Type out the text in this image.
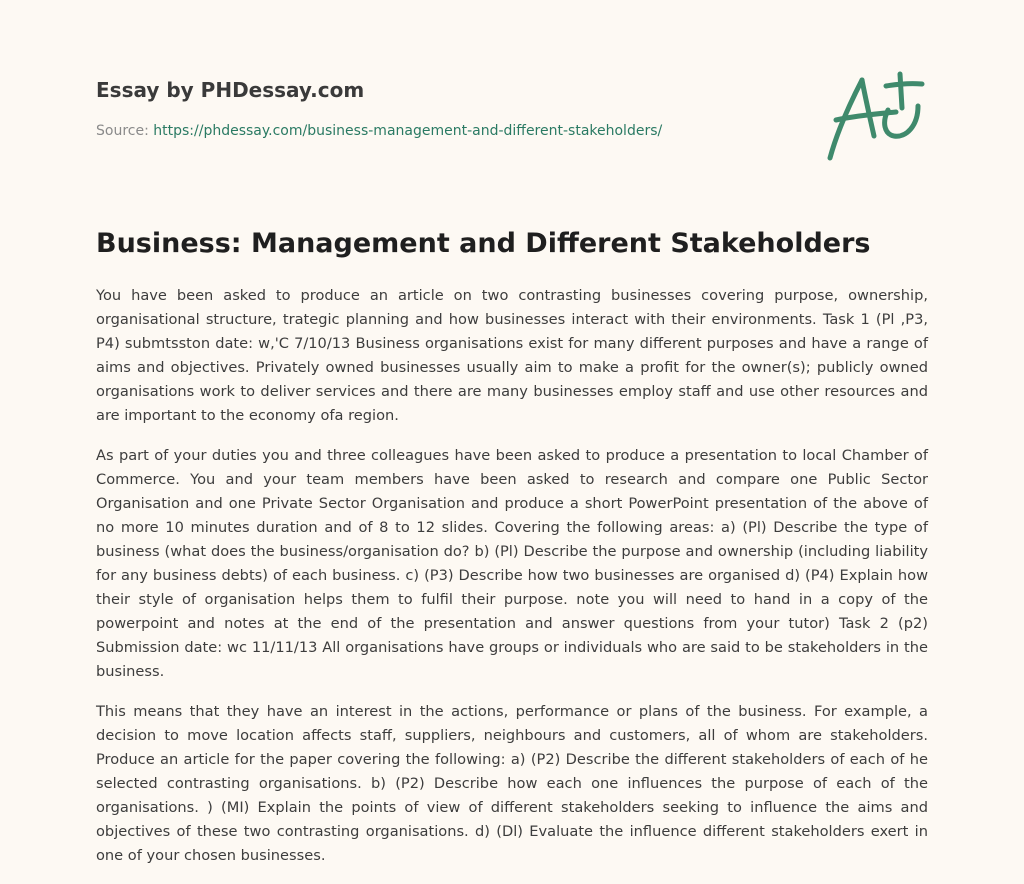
Essay by PHDessay.com
Source: https://phdessay.com/business-management-and-different-stakeholders/
Business: Management and Different Stakeholders

You have been asked to produce an article on two contrasting businesses covering purpose, ownership, organisational structure, trategic planning and how businesses interact with their environments. Task 1 (Pl ,P3, P4) submtsston date: w,'C 7/10/13 Business organisations exist for many different purposes and have a range of aims and objectives. Privately owned businesses usually aim to make a profit for the owner(s); publicly owned organisations work to deliver services and there are many businesses employ staff and use other resources and are important to the economy ofa region.

As part of your duties you and three colleagues have been asked to produce a presentation to local Chamber of Commerce. You and your team members have been asked to research and compare one Public Sector Organisation and one Private Sector Organisation and produce a short PowerPoint presentation of the above of no more 10 minutes duration and of 8 to 12 slides. Covering the following areas: a) (Pl) Describe the type of business (what does the business/organisation do? b) (Pl) Describe the purpose and ownership (including liability for any business debts) of each business. c) (P3) Describe how two businesses are organised d) (P4) Explain how their style of organisation helps them to fulfil their purpose. note you will need to hand in a copy of the powerpoint and notes at the end of the presentation and answer questions from your tutor) Task 2 (p2) Submission date: wc 11/11/13 All organisations have groups or individuals who are said to be stakeholders in the business.

This means that they have an interest in the actions, performance or plans of the business. For example, a decision to move location affects staff, suppliers, neighbours and customers, all of whom are stakeholders. Produce an article for the paper covering the following: a) (P2) Describe the different stakeholders of each of he selected contrasting organisations. b) (P2) Describe how each one influences the purpose of each of the organisations. ) (MI) Explain the points of view of different stakeholders seeking to influence the aims and objectives of these two contrasting organisations. d) (Dl) Evaluate the influence different stakeholders exert in one of your chosen businesses.
